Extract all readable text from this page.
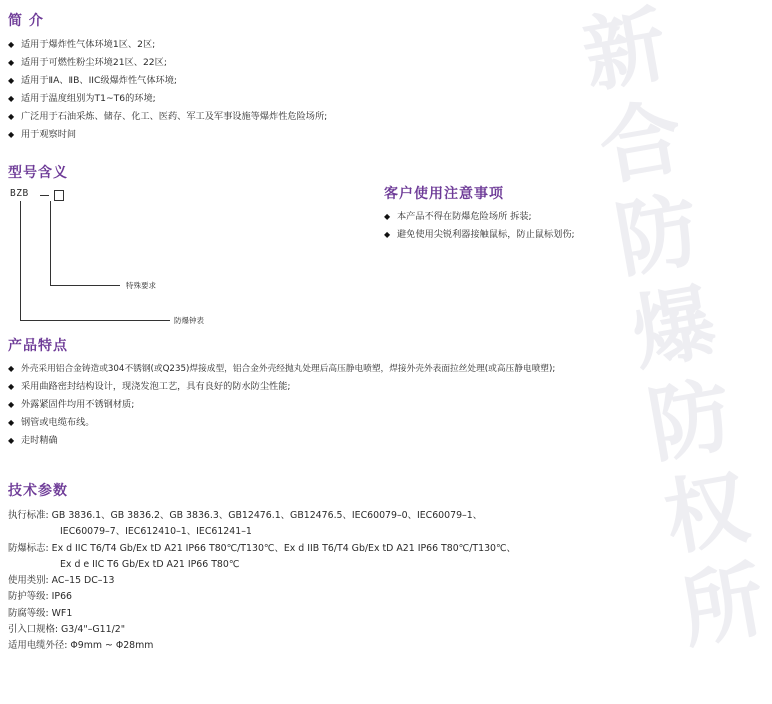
新合防爆防权所
简 介
◆ 适用于爆炸性气体环境1区、2区;
◆ 适用于可燃性粉尘环境21区、22区;
◆ 适用于ⅡA、ⅡB、IIC级爆炸性气体环境;
◆ 适用于温度组别为T1~T6的环境;
◆ 广泛用于石油采炼、储存、化工、医药、军工及军事设施等爆炸性危险场所;
◆ 用于观察时间
型号含义
BZB
特殊要求
防爆钟表
客户使用注意事项
◆ 本产品不得在防爆危险场所 拆装;
◆ 避免使用尖锐利器接触鼠标，防止鼠标划伤;
产品特点
◆ 外壳采用铝合金铸造或304不锈钢(或Q235)焊接成型，铝合金外壳经抛丸处理后高压静电喷塑，焊接外壳外表面拉丝处理(或高压静电喷塑);
◆ 采用曲路密封结构设计，现浇发泡工艺，具有良好的防水防尘性能;
◆ 外露紧固件均用不锈钢材质;
◆ 钢管或电缆布线。
◆ 走时精确
技术参数
执行标准: GB 3836.1、GB 3836.2、GB 3836.3、GB12476.1、GB12476.5、IEC60079–0、IEC60079–1、
IEC60079–7、IEC612410–1、IEC61241–1
防爆标志: Ex d IIC T6/T4 Gb/Ex tD A21 IP66 T80℃/T130℃、Ex d IIB T6/T4 Gb/Ex tD A21 IP66 T80℃/T130℃、
Ex d e IIC T6 Gb/Ex tD A21 IP66 T80℃
使用类别: AC–15 DC–13
防护等级: IP66
防腐等级: WF1
引入口规格: G3/4"–G11/2"
适用电缆外径: Φ9mm ~ Φ28mm
